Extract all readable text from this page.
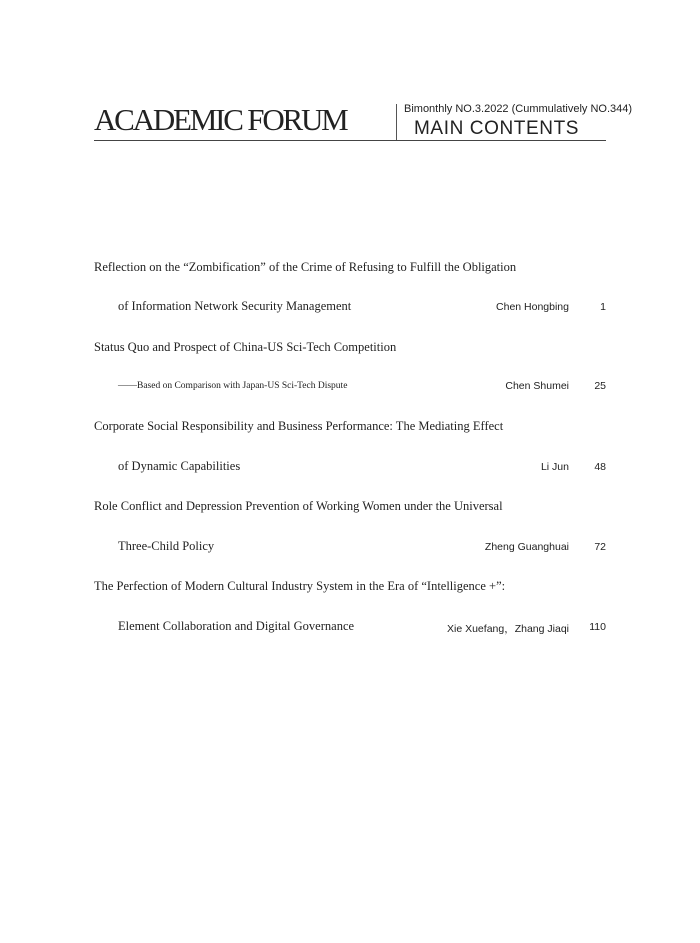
ACADEMIC FORUM	Bimonthly NO.3.2022 (Cummulatively NO.344)
MAIN CONTENTS
Reflection on the “Zombification” of the Crime of Refusing to Fulfill the Obligation
of Information Network Security Management	Chen Hongbing	1
Status Quo and Prospect of China-US Sci-Tech Competition
——Based on Comparison with Japan-US Sci-Tech Dispute	Chen Shumei 25
Corporate Social Responsibility and Business Performance: The Mediating Effect
of Dynamic Capabilities	Li Jun 48
Role Conflict and Depression Prevention of Working Women under the Universal
Three-Child Policy	Zheng Guanghuai 72
The Perfection of Modern Cultural Industry System in the Era of “Intelligence +”:
Element Collaboration and Digital Governance	Xie Xuefang，Zhang Jiaqi 110
